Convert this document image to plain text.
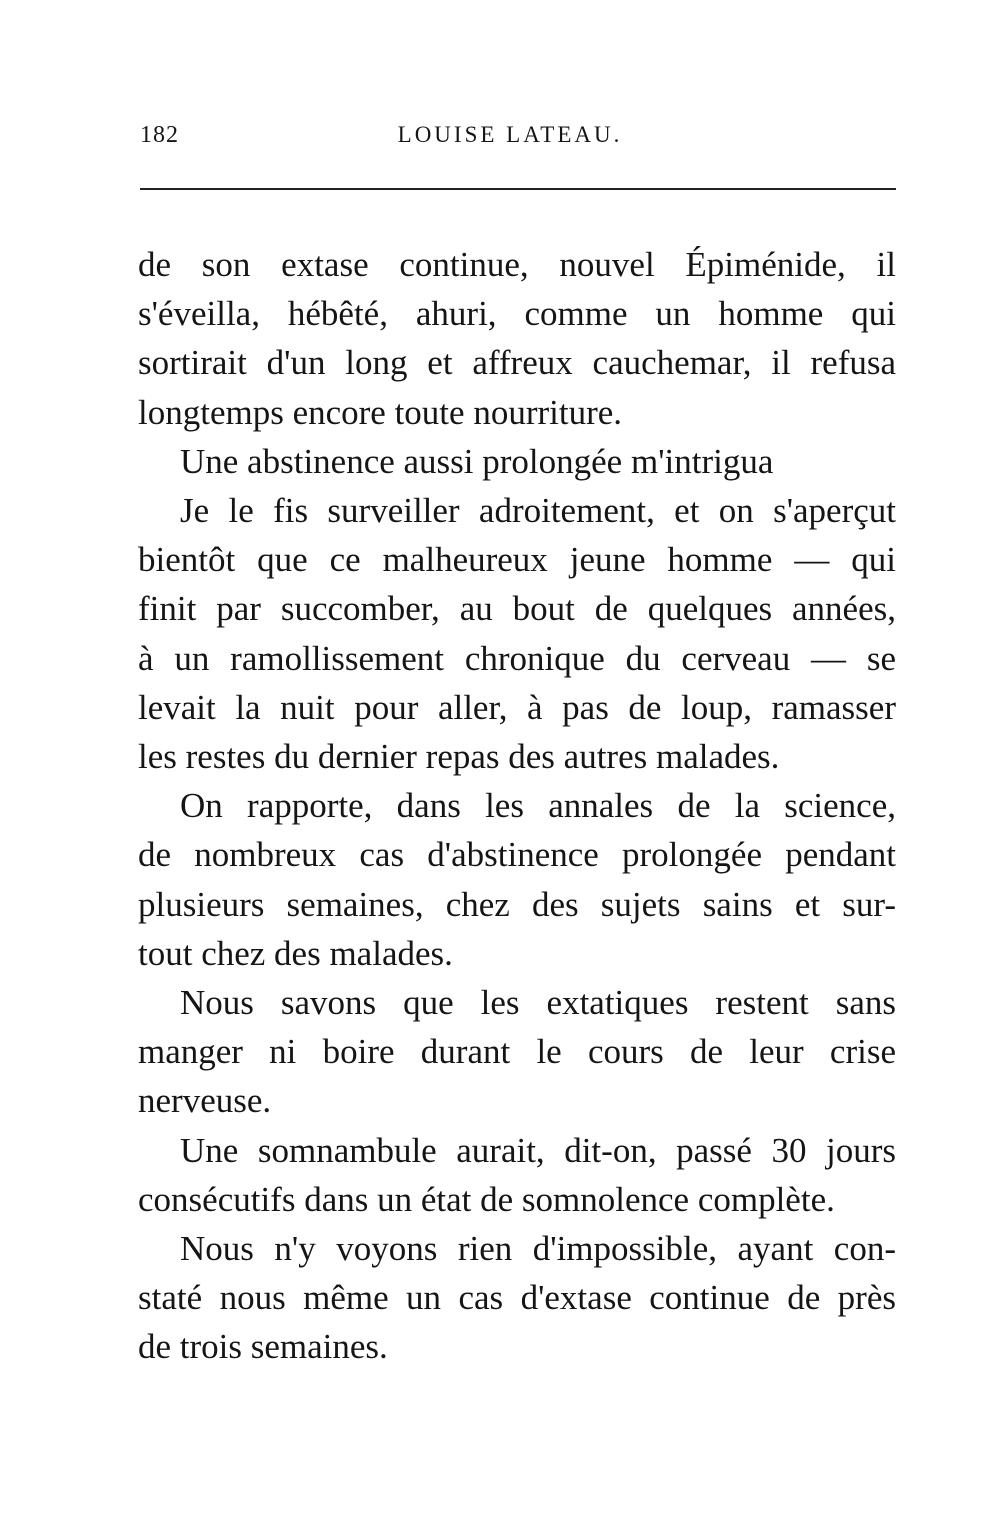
182	LOUISE LATEAU.

de son extase continue, nouvel Épiménide, il
s'éveilla, hébêté, ahuri, comme un homme qui
sortirait d'un long et affreux cauchemar, il refusa
longtemps encore toute nourriture.

Une abstinence aussi prolongée m'intrigua

Je le fis surveiller adroitement, et on s'aperçut
bientôt que ce malheureux jeune homme — qui
finit par succomber, au bout de quelques années,
à un ramollissement chronique du cerveau — se
levait la nuit pour aller, à pas de loup, ramasser
les restes du dernier repas des autres malades.

On rapporte, dans les annales de la science,
de nombreux cas d'abstinence prolongée pendant
plusieurs semaines, chez des sujets sains et sur-
tout chez des malades.

Nous savons que les extatiques restent sans
manger ni boire durant le cours de leur crise
nerveuse.

Une somnambule aurait, dit-on, passé 30 jours
consécutifs dans un état de somnolence complète.

Nous n'y voyons rien d'impossible, ayant con-
staté nous même un cas d'extase continue de près
de trois semaines.
